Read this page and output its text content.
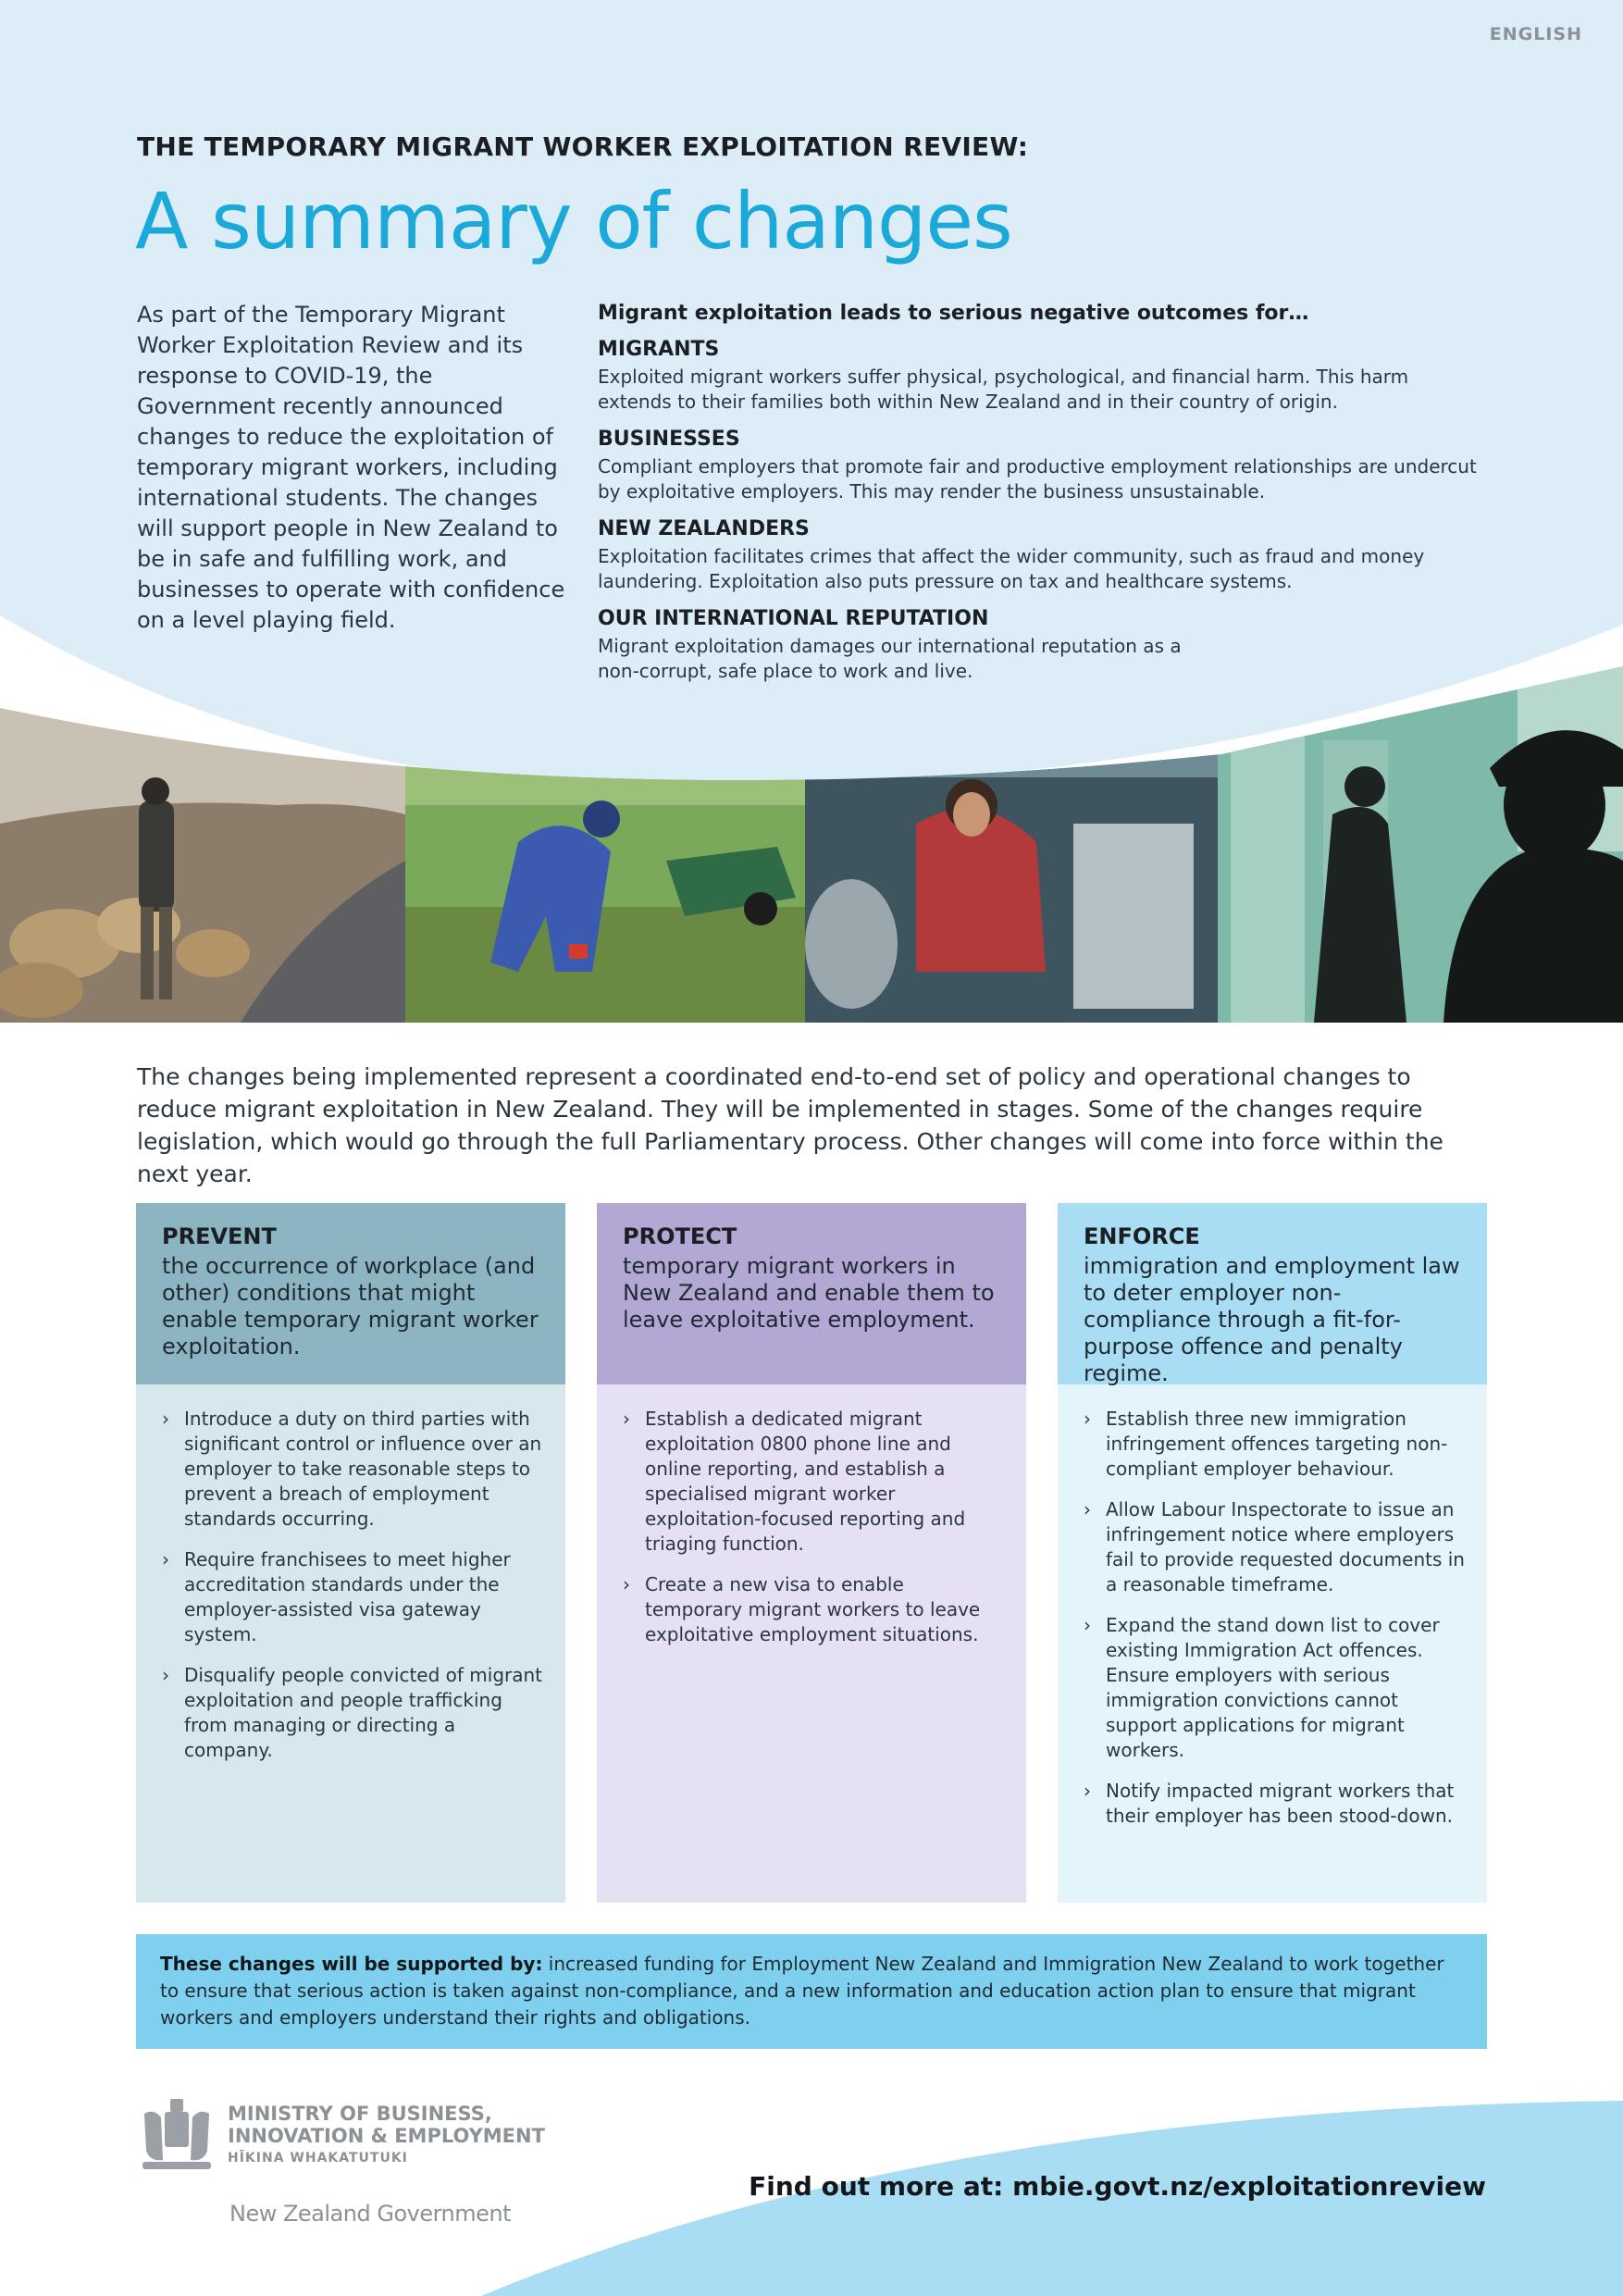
ENGLISH
THE TEMPORARY MIGRANT WORKER EXPLOITATION REVIEW:
A summary of changes

As part of the Temporary Migrant Worker Exploitation Review and its response to COVID-19, the Government recently announced changes to reduce the exploitation of temporary migrant workers, including international students. The changes will support people in New Zealand to be in safe and fulfilling work, and businesses to operate with confidence on a level playing field.

Migrant exploitation leads to serious negative outcomes for…
MIGRANTS
Exploited migrant workers suffer physical, psychological, and financial harm. This harm extends to their families both within New Zealand and in their country of origin.
BUSINESSES
Compliant employers that promote fair and productive employment relationships are undercut by exploitative employers. This may render the business unsustainable.
NEW ZEALANDERS
Exploitation facilitates crimes that affect the wider community, such as fraud and money laundering. Exploitation also puts pressure on tax and healthcare systems.
OUR INTERNATIONAL REPUTATION
Migrant exploitation damages our international reputation as a non-corrupt, safe place to work and live.

The changes being implemented represent a coordinated end-to-end set of policy and operational changes to reduce migrant exploitation in New Zealand. They will be implemented in stages. Some of the changes require legislation, which would go through the full Parliamentary process. Other changes will come into force within the next year.

PREVENT
the occurrence of workplace (and other) conditions that might enable temporary migrant worker exploitation.
› Introduce a duty on third parties with significant control or influence over an employer to take reasonable steps to prevent a breach of employment standards occurring.
› Require franchisees to meet higher accreditation standards under the employer-assisted visa gateway system.
› Disqualify people convicted of migrant exploitation and people trafficking from managing or directing a company.
PROTECT
temporary migrant workers in New Zealand and enable them to leave exploitative employment.
› Establish a dedicated migrant exploitation 0800 phone line and online reporting, and establish a specialised migrant worker exploitation-focused reporting and triaging function.
› Create a new visa to enable temporary migrant workers to leave exploitative employment situations.
ENFORCE
immigration and employment law to deter employer non-compliance through a fit-for-purpose offence and penalty regime.
› Establish three new immigration infringement offences targeting non-compliant employer behaviour.
› Allow Labour Inspectorate to issue an infringement notice where employers fail to provide requested documents in a reasonable timeframe.
› Expand the stand down list to cover existing Immigration Act offences. Ensure employers with serious immigration convictions cannot support applications for migrant workers.
› Notify impacted migrant workers that their employer has been stood-down.
These changes will be supported by: increased funding for Employment New Zealand and Immigration New Zealand to work together to ensure that serious action is taken against non-compliance, and a new information and education action plan to ensure that migrant workers and employers understand their rights and obligations.
MINISTRY OF BUSINESS,
INNOVATION & EMPLOYMENT
HĪKINA WHAKATUTUKI
New Zealand Government
Find out more at: mbie.govt.nz/exploitationreview
